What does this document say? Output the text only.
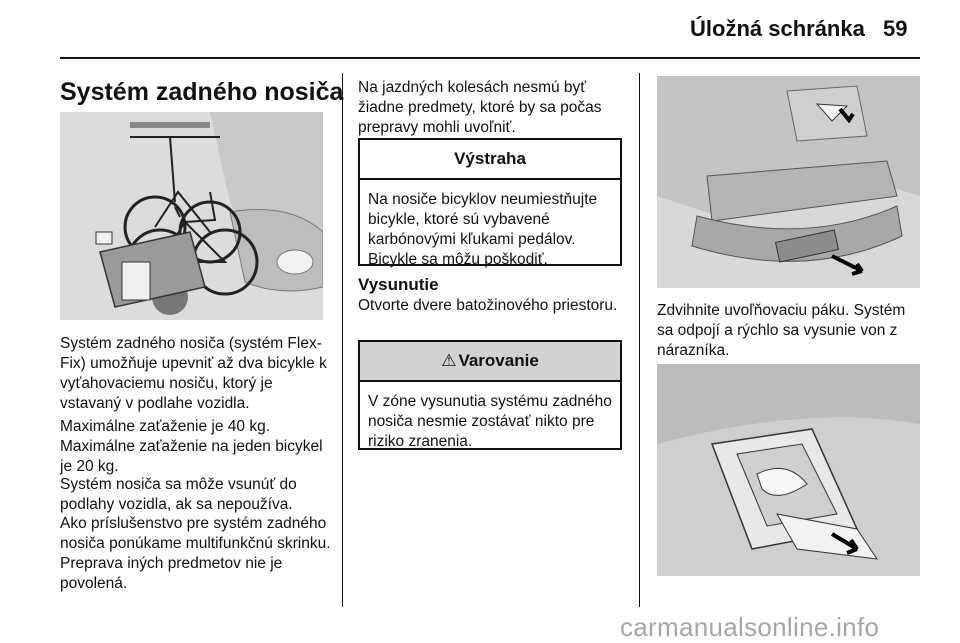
Úložná schránka 59
Systém zadného nosiča

Systém zadného nosiča (systém Flex-Fix) umožňuje upevniť až dva bicykle k vyťahovaciemu nosiču, ktorý je vstavaný v podlahe vozidla.

Maximálne zaťaženie je 40 kg. Maximálne zaťaženie na jeden bicykel je 20 kg.

Systém nosiča sa môže vsunúť do podlahy vozidla, ak sa nepoužíva.

Ako príslušenstvo pre systém zadného nosiča ponúkame multifunkčnú skrinku. Preprava iných predmetov nie je povolená.

Na jazdných kolesách nesmú byť žiadne predmety, ktoré by sa počas prepravy mohli uvoľniť.

Výstraha
Na nosiče bicyklov neumiestňujte bicykle, ktoré sú vybavené karbónovými kľukami pedálov. Bicykle sa môžu poškodiť.
Vysunutie

Otvorte dvere batožinového priestoru.

⚠ Varovanie
V zóne vysunutia systému zadného nosiča nesmie zostávať nikto pre riziko zranenia.

Zdvihnite uvoľňovaciu páku. Systém sa odpojí a rýchlo sa vysunie von z nárazníka.

carmanualsonline.info
